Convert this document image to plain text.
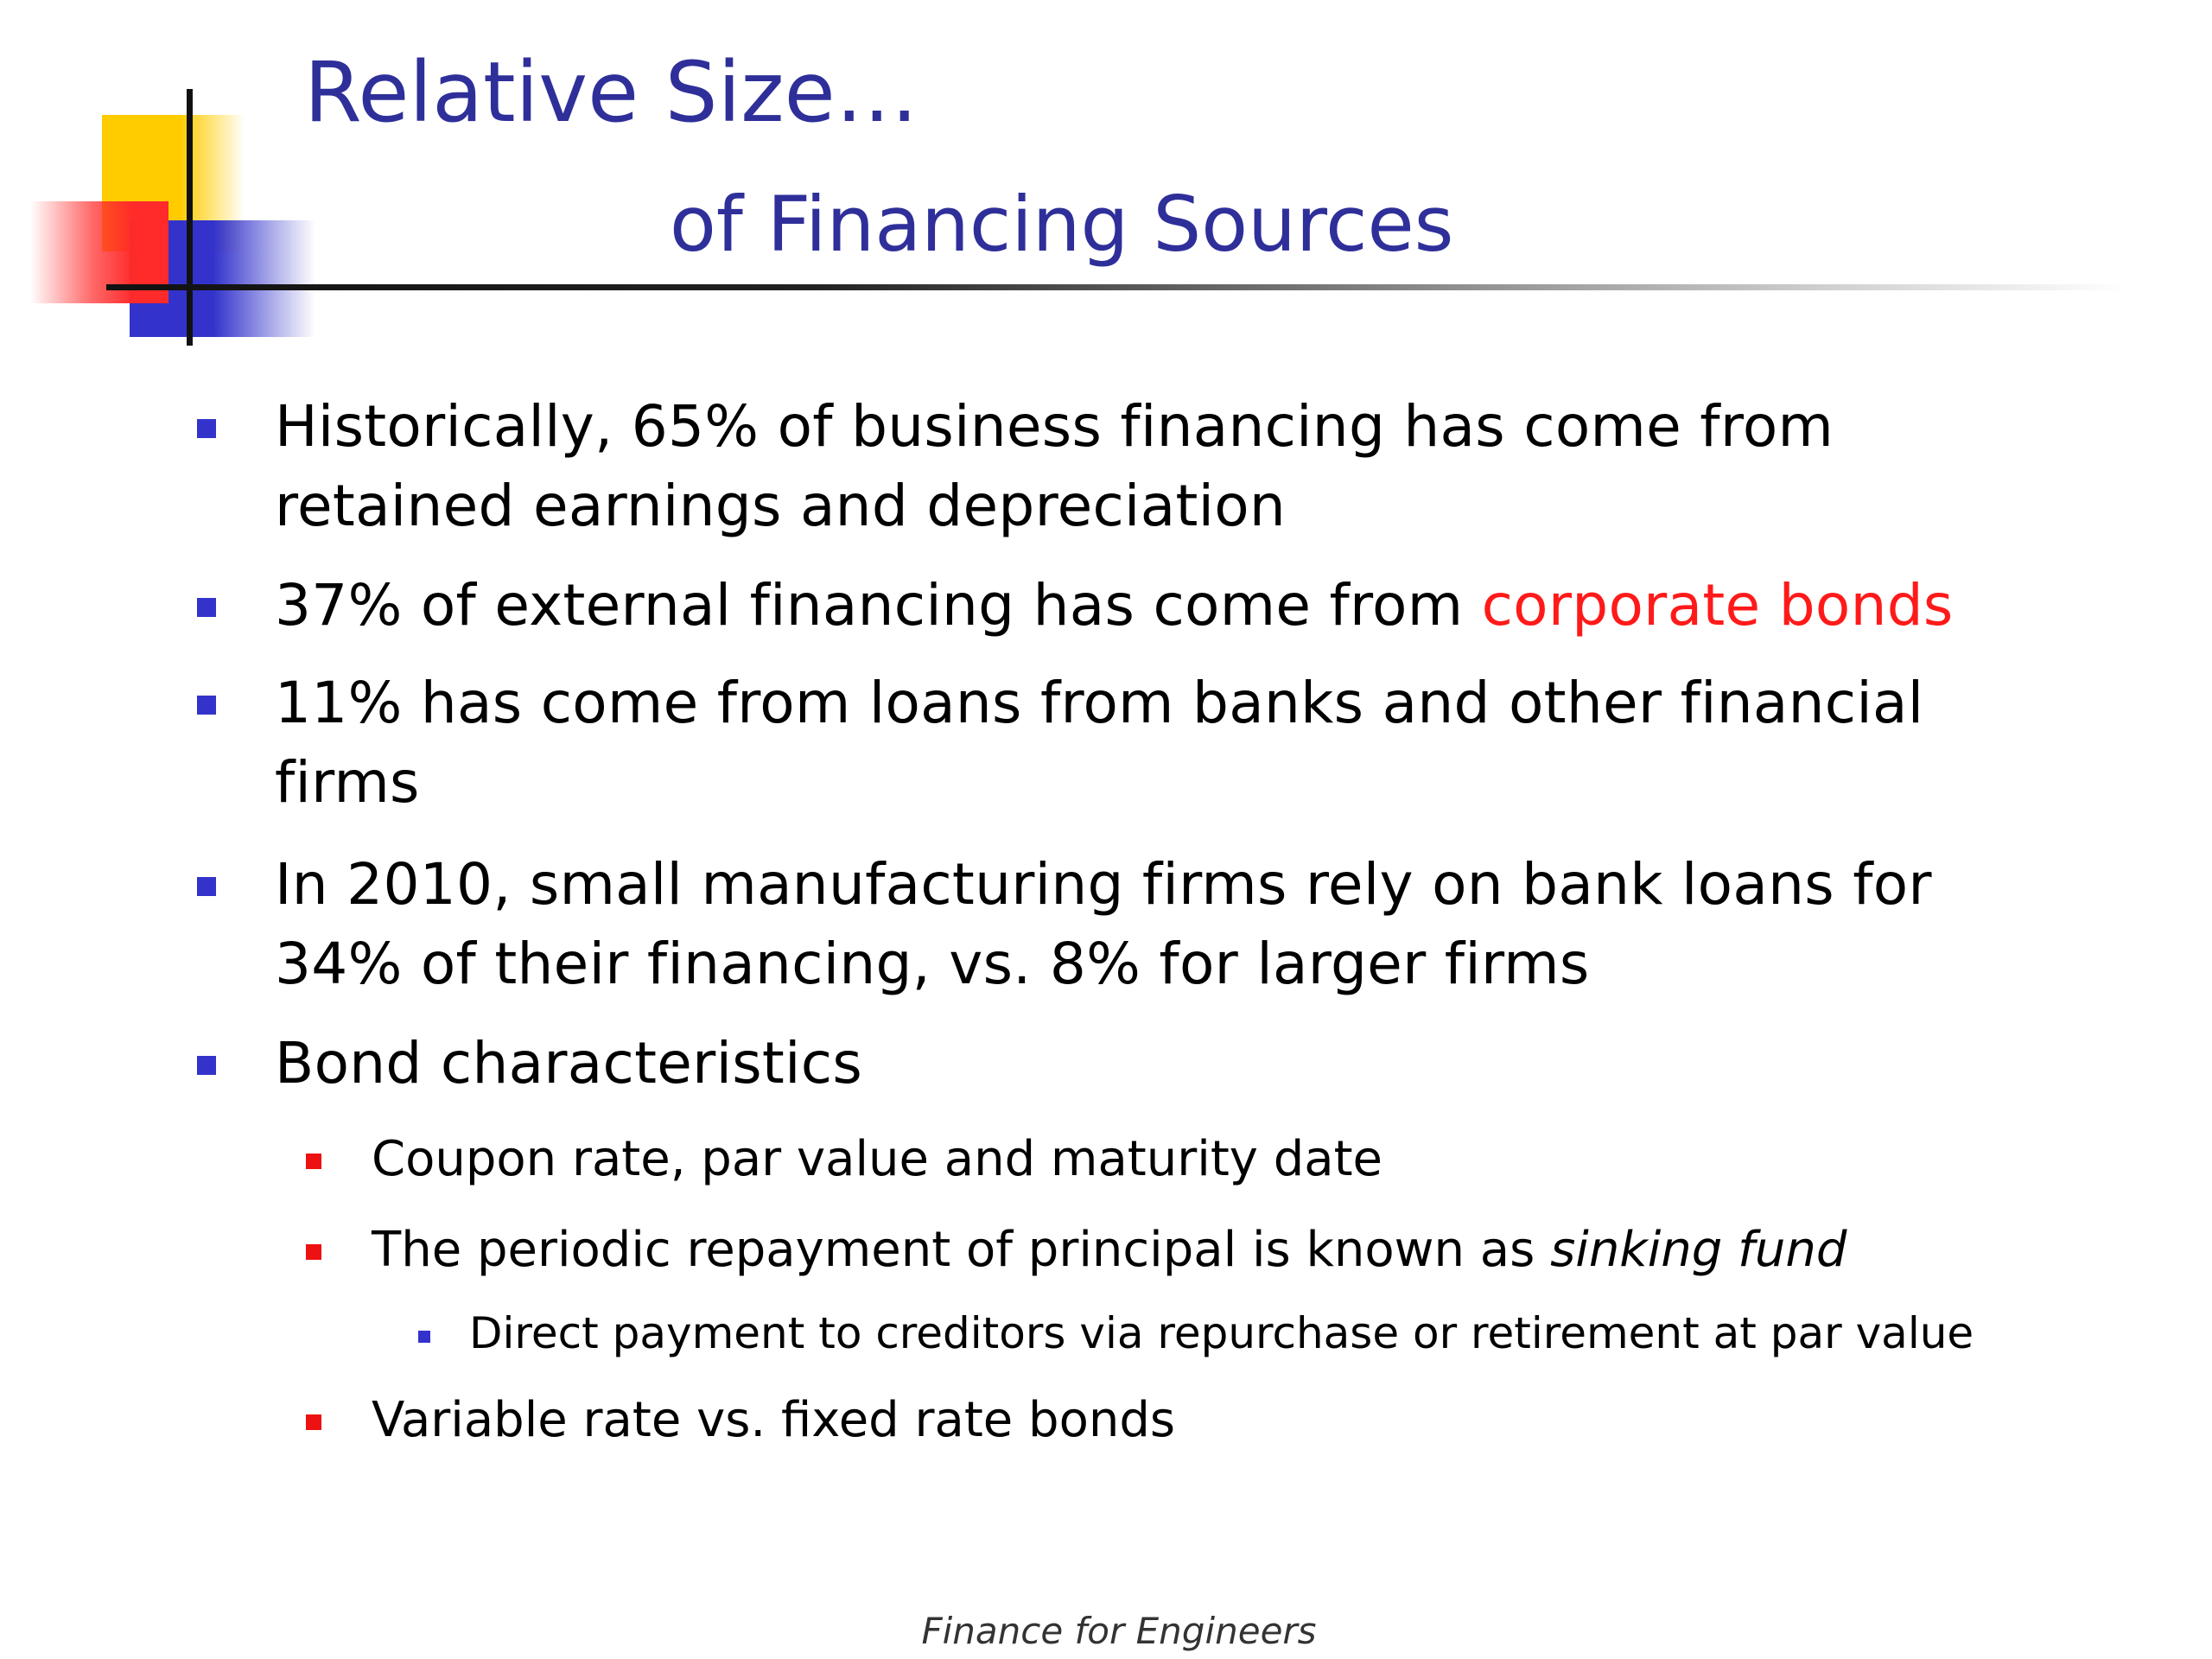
Relative Size…
of Financing Sources
Historically, 65% of business financing has come from
retained earnings and depreciation
37% of external financing has come from corporate bonds
11% has come from loans from banks and other financial
firms
In 2010, small manufacturing firms rely on bank loans for
34% of their financing, vs. 8% for larger firms
Bond characteristics
Coupon rate, par value and maturity date
The periodic repayment of principal is known as sinking fund
Direct payment to creditors via repurchase or retirement at par value
Variable rate vs. fixed rate bonds
Finance for Engineers
